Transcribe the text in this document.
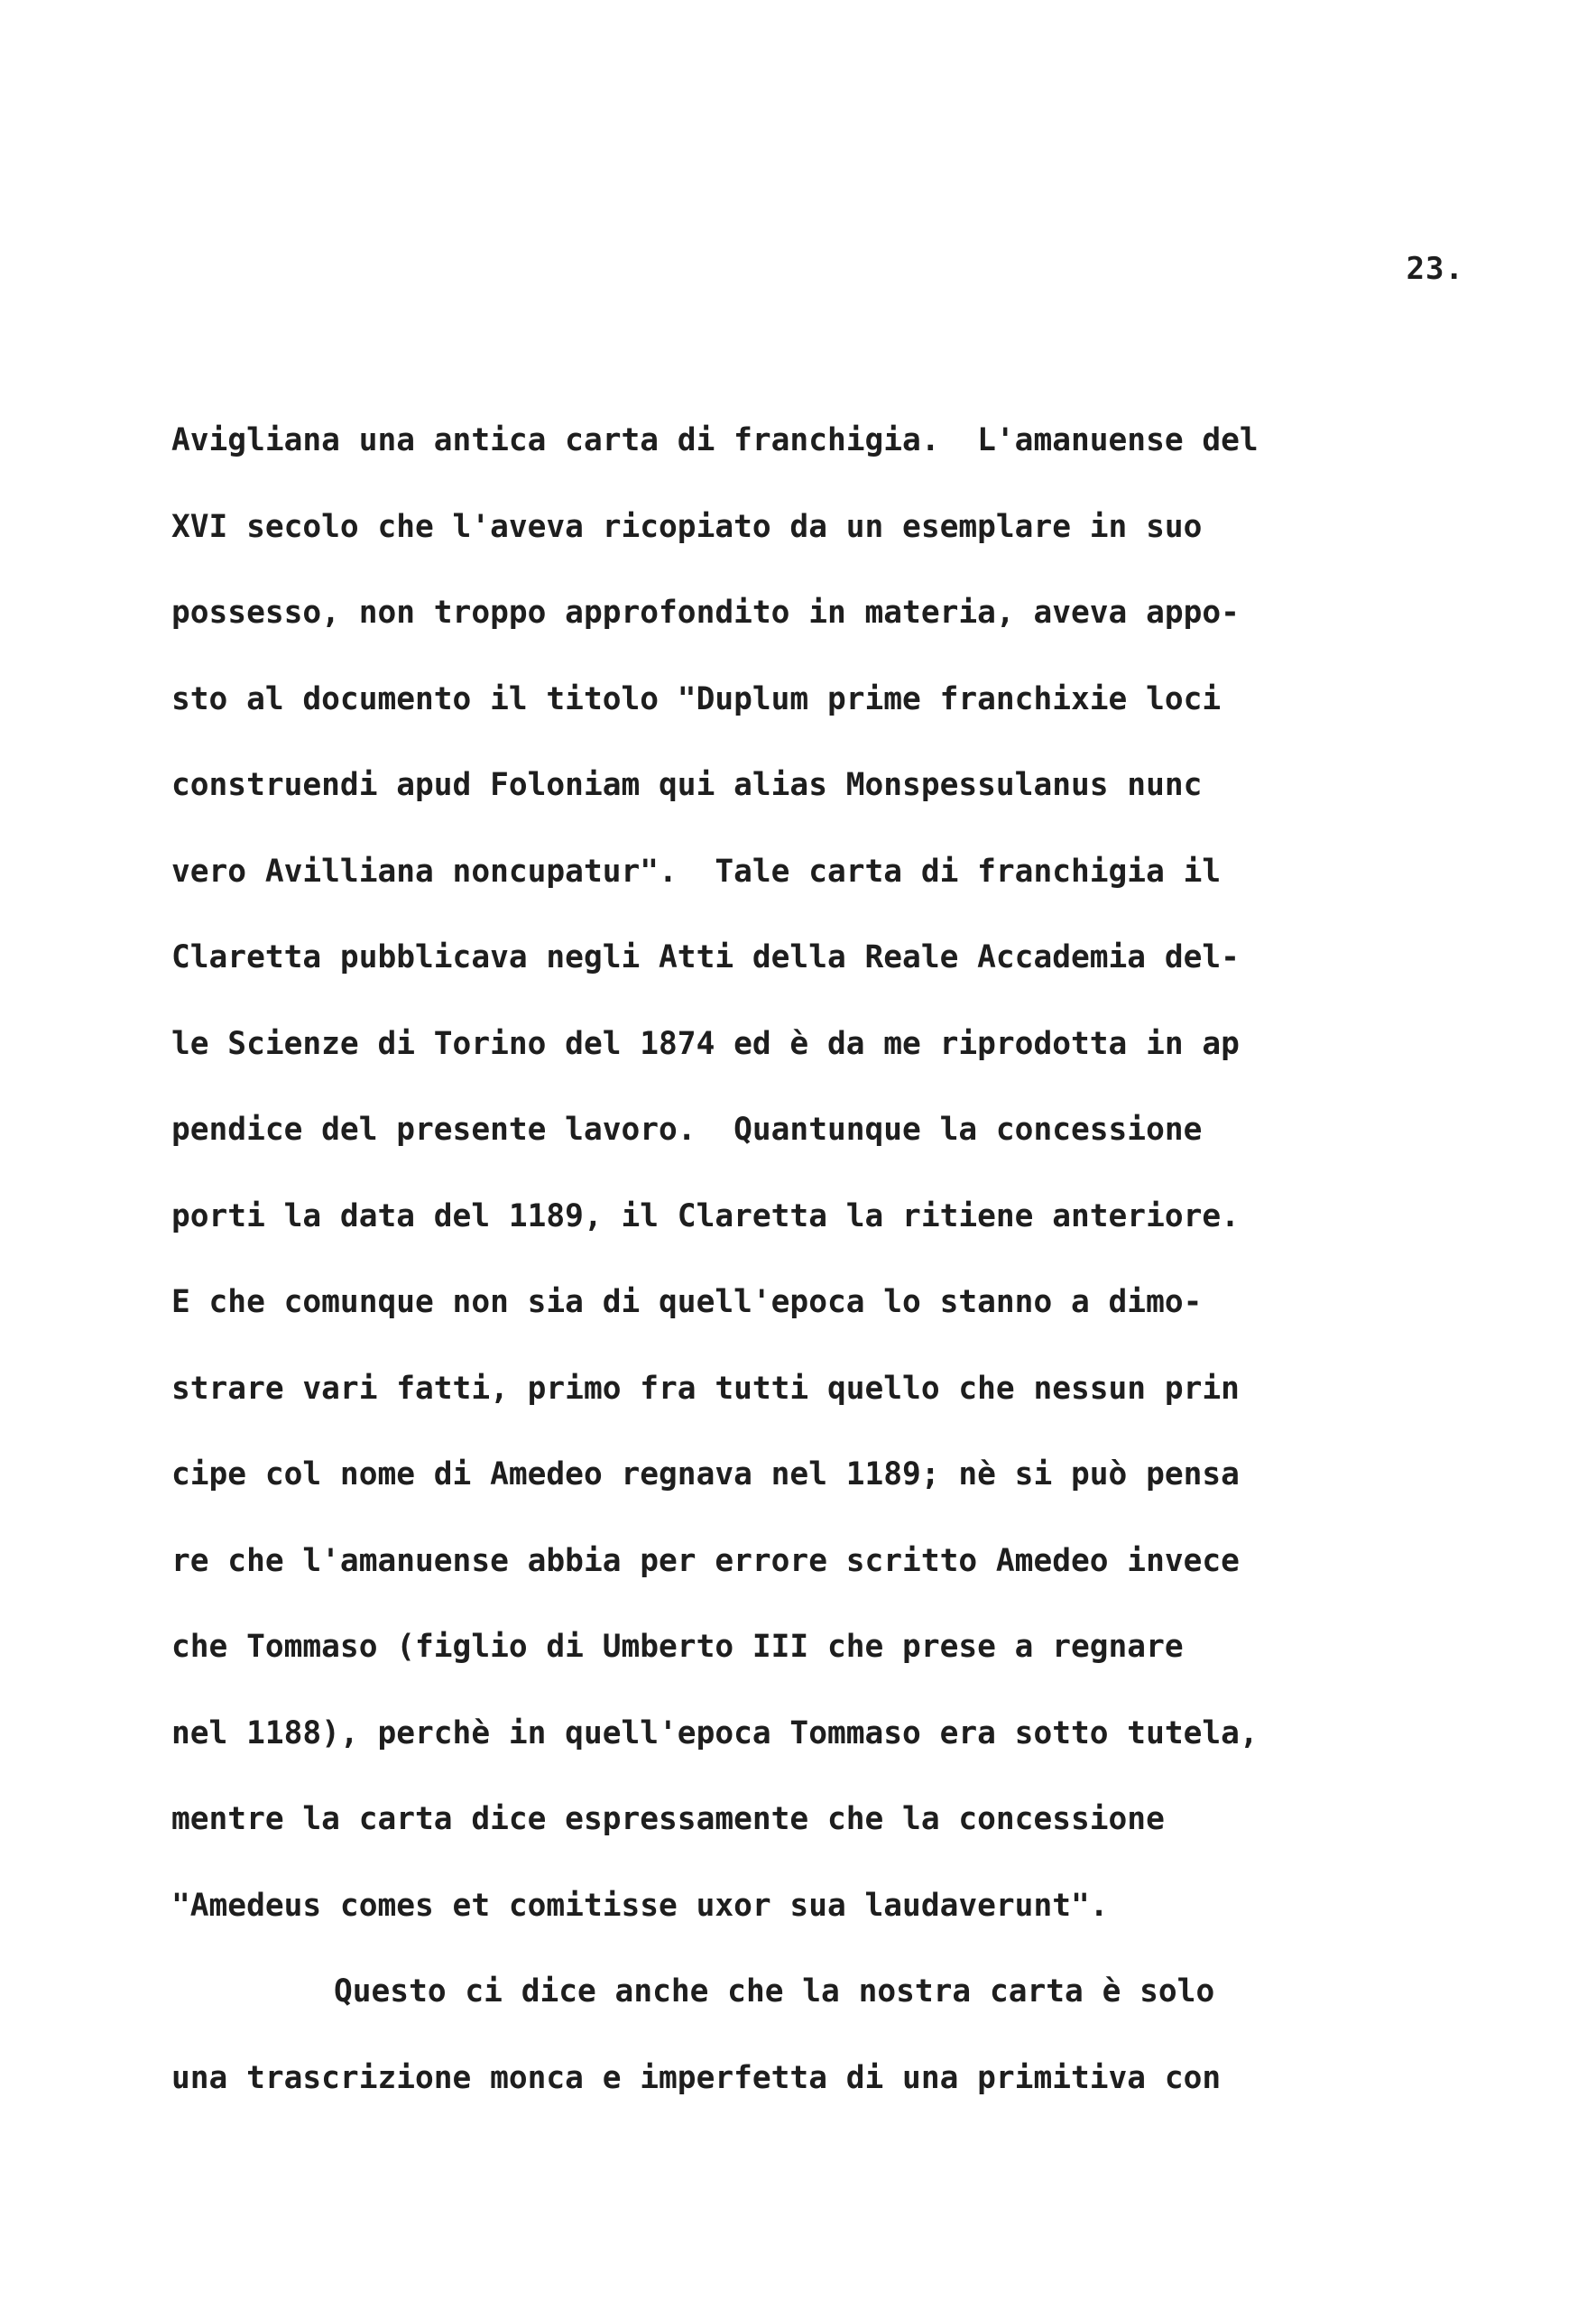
23.
Avigliana una antica carta di franchigia.  L'amanuense del
XVI secolo che l'aveva ricopiato da un esemplare in suo
possesso, non troppo approfondito in materia, aveva appo-
sto al documento il titolo "Duplum prime franchixie loci
construendi apud Foloniam qui alias Monspessulanus nunc
vero Avilliana noncupatur".  Tale carta di franchigia il
Claretta pubblicava negli Atti della Reale Accademia del-
le Scienze di Torino del 1874 ed è da me riprodotta in ap
pendice del presente lavoro.  Quantunque la concessione
porti la data del 1189, il Claretta la ritiene anteriore.
E che comunque non sia di quell'epoca lo stanno a dimo-
strare vari fatti, primo fra tutti quello che nessun prin
cipe col nome di Amedeo regnava nel 1189; nè si può pensa
re che l'amanuense abbia per errore scritto Amedeo invece
che Tommaso (figlio di Umberto III che prese a regnare
nel 1188), perchè in quell'epoca Tommaso era sotto tutela,
mentre la carta dice espressamente che la concessione
"Amedeus comes et comitisse uxor sua laudaverunt".
Questo ci dice anche che la nostra carta è solo
una trascrizione monca e imperfetta di una primitiva con
